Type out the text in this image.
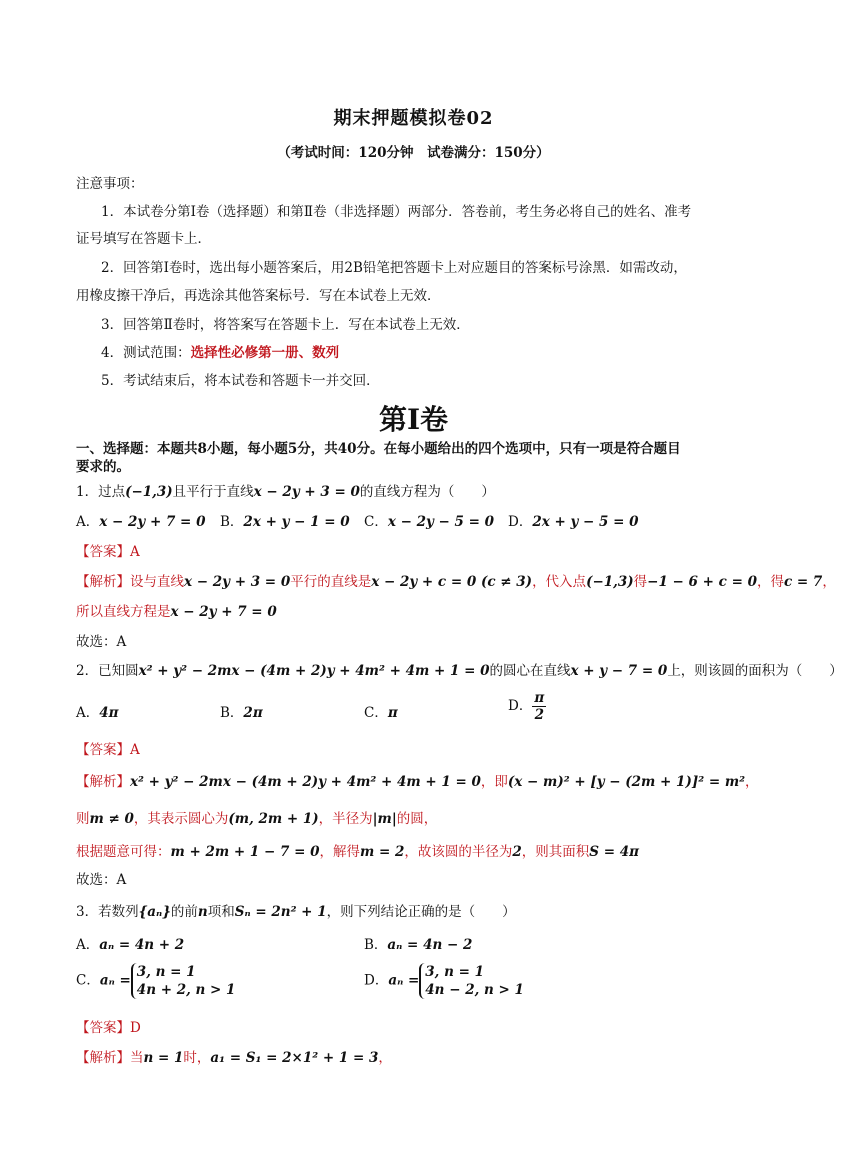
期末押题模拟卷02
（考试时间：120分钟　试卷满分：150分）
注意事项：
1．本试卷分第Ⅰ卷（选择题）和第Ⅱ卷（非选择题）两部分．答卷前，考生务必将自己的姓名、准考
证号填写在答题卡上．
2．回答第Ⅰ卷时，选出每小题答案后，用2B铅笔把答题卡上对应题目的答案标号涂黑．如需改动，
用橡皮擦干净后，再选涂其他答案标号．写在本试卷上无效．
3．回答第Ⅱ卷时，将答案写在答题卡上．写在本试卷上无效．
4．测试范围：选择性必修第一册、数列
5．考试结束后，将本试卷和答题卡一并交回．
第Ⅰ卷
一、选择题：本题共8小题，每小题5分，共40分。在每小题给出的四个选项中，只有一项是符合题目
要求的。
1．过点(−1,3)且平行于直线x − 2y + 3 = 0的直线方程为（　　）
A．x − 2y + 7 = 0 B．2x + y − 1 = 0 C．x − 2y − 5 = 0 D．2x + y − 5 = 0
【答案】A
【解析】设与直线x − 2y + 3 = 0平行的直线是x − 2y + c = 0 (c ≠ 3)，代入点(−1,3)得−1 − 6 + c = 0，得c = 7，
所以直线方程是x − 2y + 7 = 0
故选：A
2．已知圆x² + y² − 2mx − (4m + 2)y + 4m² + 4m + 1 = 0的圆心在直线x + y − 7 = 0上，则该圆的面积为（　　）
A．4π	B．2π	C．π	D． $\frac{\pi}{2}$
【答案】A
【解析】x² + y² − 2mx − (4m + 2)y + 4m² + 4m + 1 = 0，即(x − m)² + [y − (2m + 1)]² = m²，
则m ≠ 0，其表示圆心为(m, 2m + 1)，半径为|m|的圆，
根据题意可得：m + 2m + 1 − 7 = 0，解得m = 2，故该圆的半径为2，则其面积S = 4π
故选：A
3．若数列{aₙ}的前n项和Sₙ = 2n² + 1，则下列结论正确的是（　　）
A．aₙ = 4n + 2	B．aₙ = 4n − 2
C．aₙ =
3, n = 1
4n + 2, n > 1
D．aₙ =
3, n = 1
4n − 2, n > 1
【答案】D
【解析】当n = 1时，a₁ = S₁ = 2×1² + 1 = 3，
